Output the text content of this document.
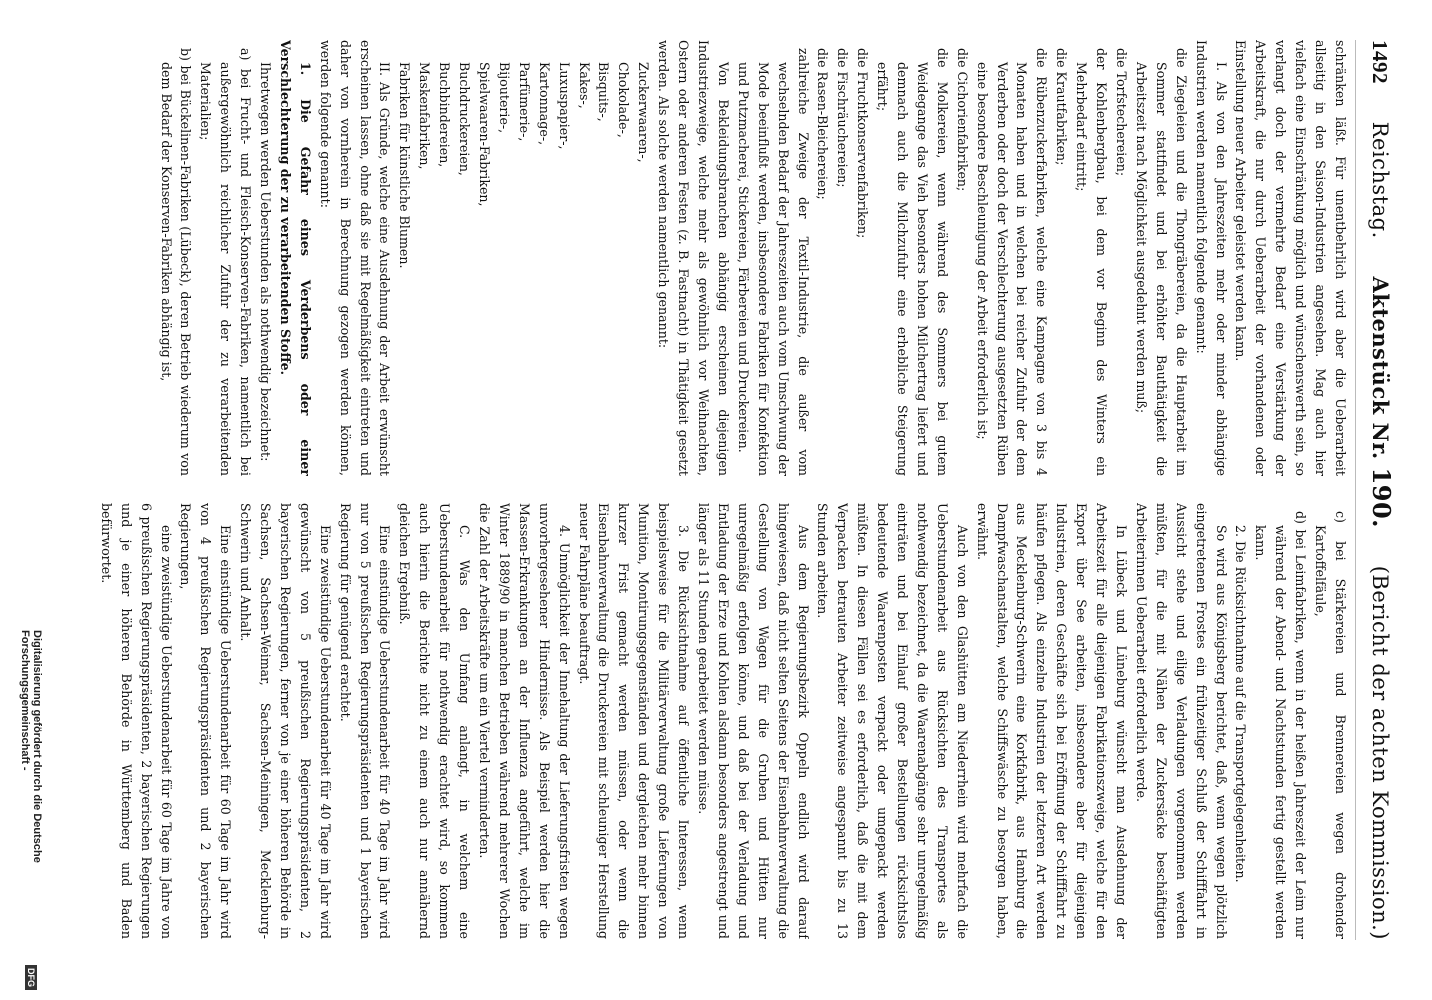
1492
Reichstag.
Aktenstück Nr. 190.
(Bericht der achten Kommission.)

schränken läßt. Für unentbehrlich wird aber die Ueberarbeit allseitig in den Saison-Industrien angesehen. Mag auch hier vielfach eine Einschränkung möglich und wünschenswerth sein, so verlangt doch der vermehrte Bedarf eine Verstärkung der Arbeitskraft, die nur durch Ueberarbeit der vorhandenen oder Einstellung neuer Arbeiter geleistet werden kann.

I. Als von den Jahreszeiten mehr oder minder abhängige Industrien werden namentlich folgende genannt:

die Ziegeleien und die Thongräbereien, da die Hauptarbeit im Sommer stattfindet und bei erhöhter Bauthätigkeit die Arbeitszeit nach Möglichkeit ausgedehnt werden muß;

die Torfstechereien;

der Kohlenbergbau, bei dem vor Beginn des Winters ein Mehrbedarf eintritt;

die Krautfabriken;

die Rübenzuckerfabriken, welche eine Kampagne von 3 bis 4 Monaten haben und in welchen bei reicher Zufuhr der dem Verderben oder doch der Verschlechterung ausgesetzten Rüben eine besondere Beschleunigung der Arbeit erforderlich ist;

die Cichorienfabriken;

die Molkereien, wenn während des Sommers bei gutem Weidegange das Vieh besonders hohen Milchertrag liefert und demnach auch die Milchzufuhr eine erhebliche Steigerung erfährt;

die Fruchtkonservenfabriken;

die Fischräuchereien;

die Rasen-Bleichereien;

zahlreiche Zweige der Textil-Industrie, die außer vom wechselnden Bedarf der Jahreszeiten auch vom Umschwung der Mode beeinflußt werden, insbesondere Fabriken für Konfektion und Putzmacherei, Stickereien, Färbereien und Druckereien.

Von Bekleidungsbranchen abhängig erscheinen diejenigen Industriezweige, welche mehr als gewöhnlich vor Weihnachten, Ostern oder anderen Festen (z. B. Fastnacht) in Thätigkeit gesetzt werden. Als solche werden namentlich genannt:

Zuckerwaaren-,

Chokolade-,

Bisquits-,

Kakes-,

Luxuspapier-,

Kartonnage-,

Parfümerie-,

Bijouterie-,

Spielwaaren-Fabriken,

Buchdruckereien,

Buchbindereien,

Maskenfabriken,

Fabriken für künstliche Blumen.

II. Als Gründe, welche eine Ausdehnung der Arbeit erwünscht erscheinen lassen, ohne daß sie mit Regelmäßigkeit eintreten und daher von vornherein in Berechnung gezogen werden können, werden folgende genannt:

1. Die Gefahr eines Verderbens oder einer Verschlechterung der zu verarbeitenden Stoffe.

Ihretwegen werden Ueberstunden als nothwendig bezeichnet:

a) bei Frucht- und Fleisch-Konserven-Fabriken, namentlich bei außergewöhnlich reichlicher Zufuhr der zu verarbeitenden Materialien;

b) bei Bückelinen-Fabriken (Lübeck), deren Betrieb wiederum von dem Bedarf der Konserven-Fabriken abhängig ist,

c) bei Stärkereien und Brennereien wegen drohender Kartoffelfäule,

d) bei Leimfabriken, wenn in der heißen Jahreszeit der Leim nur während der Abend- und Nachtstunden fertig gestellt werden kann.

2. Die Rücksichtnahme auf die Transportgelegenheiten.

So wird aus Königsberg berichtet, daß, wenn wegen plötzlich eingetretenen Frostes ein frühzeitiger Schluß der Schifffahrt in Aussicht stehe und eilige Verladungen vorgenommen werden müßten, für die mit Nähen der Zuckersäcke beschäftigten Arbeiterinnen Ueberarbeit erforderlich werde.

In Lübeck und Lüneburg wünscht man Ausdehnung der Arbeitszeit für alle diejenigen Fabrikationszweige, welche für den Export über See arbeiten, insbesondere aber für diejenigen Industrien, deren Geschäfte sich bei Eröffnung der Schifffahrt zu häufen pflegen. Als einzelne Industrien der letzteren Art werden aus Mecklenburg-Schwerin eine Korkfabrik, aus Hamburg die Dampfwaschanstalten, welche Schiffswäsche zu besorgen haben, erwähnt.

Auch von den Glashütten am Niederrhein wird mehrfach die Ueberstundenarbeit aus Rücksichten des Transportes als nothwendig bezeichnet, da die Waarenabgänge sehr unregelmäßig einträten und bei Einlauf großer Bestellungen rücksichtslos bedeutende Waarenposten verpackt oder umgepackt werden müßten. In diesen Fällen sei es erforderlich, daß die mit dem Verpacken betrauten Arbeiter zeitweise angespannt bis zu 13 Stunden arbeiten.

Aus dem Regierungsbezirk Oppeln endlich wird darauf hingewiesen, daß nicht selten Seitens der Eisenbahnverwaltung die Gestellung von Wagen für die Gruben und Hütten nur unregelmäßig erfolgen könne, und daß bei der Verladung und Entladung der Erze und Kohlen alsdann besonders angestrengt und länger als 11 Stunden gearbeitet werden müsse.

3. Die Rücksichtnahme auf öffentliche Interessen, wenn beispielsweise für die Militärverwaltung große Lieferungen von Munition, Montirungsgegenständen und dergleichen mehr binnen kurzer Frist gemacht werden müssen, oder wenn die Eisenbahnverwaltung die Druckereien mit schleuniger Herstellung neuer Fahrpläne beauftragt.

4. Unmöglichkeit der Innehaltung der Lieferungsfristen wegen unvorhergesehener Hindernisse. Als Beispiel werden hier die Massen-Erkrankungen an der Influenza angeführt, welche im Winter 1889/90 in manchen Betrieben während mehrerer Wochen die Zahl der Arbeitskräfte um ein Viertel verminderten.

C. Was den Umfang anlangt, in welchem eine Ueberstundenarbeit für nothwendig erachtet wird, so kommen auch hierin die Berichte nicht zu einem auch nur annähernd gleichen Ergebniß.

Eine einstündige Ueberstundenarbeit für 40 Tage im Jahr wird nur von 5 preußischen Regierungspräsidenten und 1 bayerischen Regierung für genügend erachtet.

Eine zweistündige Ueberstundenarbeit für 40 Tage im Jahr wird gewünscht von 5 preußischen Regierungspräsidenten, 2 bayerischen Regierungen, ferner von je einer höheren Behörde in Sachsen, Sachsen-Weimar, Sachsen-Meiningen, Mecklenburg-Schwerin und Anhalt.

Eine einstündige Ueberstundenarbeit für 60 Tage im Jahr wird von 4 preußischen Regierungspräsidenten und 2 bayerischen Regierungen,

eine zweistündige Ueberstundenarbeit für 60 Tage im Jahre von 6 preußischen Regierungspräsidenten, 2 bayerischen Regierungen und je einer höheren Behörde in Württemberg und Baden befürwortet.

Digitalisierung gefördert durch die Deutsche Forschungsgemeinschaft -
DFG
